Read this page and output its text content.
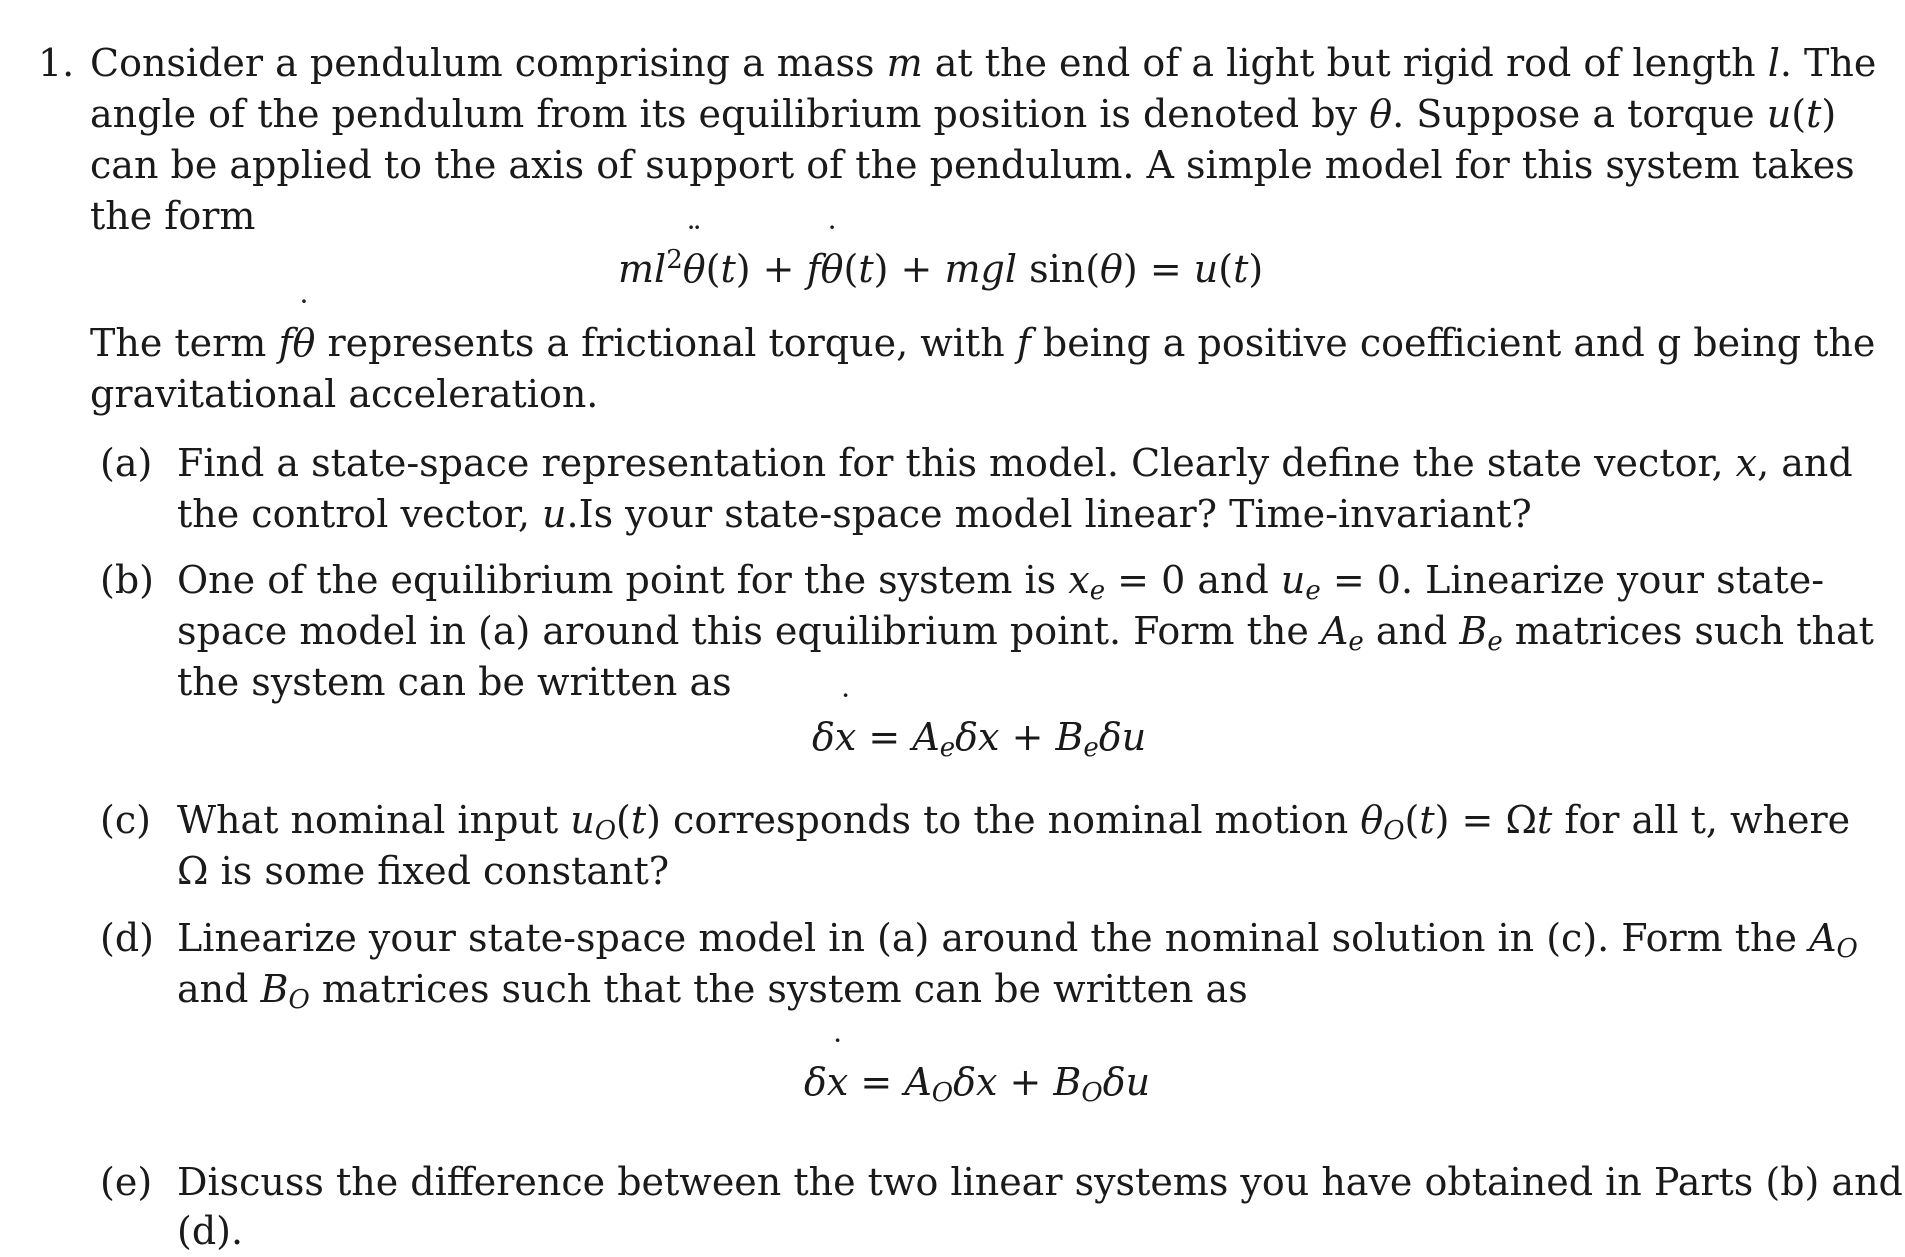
1. Consider a pendulum comprising a mass m at the end of a light but rigid rod of length l. The
angle of the pendulum from its equilibrium position is denoted by θ. Suppose a torque u(t)
can be applied to the axis of support of the pendulum. A simple model for this system takes
the form
$ml^2\theta$
¨
(t) + fθ
˙
(t) + mgl sin(θ) = u(t)
The term fθ
˙
represents a frictional torque, with f being a positive coefficient and g being the
gravitational acceleration.
(a) Find a state-space representation for this model. Clearly define the state vector, x, and
the control vector, u.Is your state-space model linear? Time-invariant?
(b) One of the equilibrium point for the system is $x_e = 0$ and $u_e = 0$. Linearize your state-
space model in (a) around this equilibrium point. Form the $A_e$ and $B_e$ matrices such that
the system can be written as
δx
˙
= $A_e\delta x + B_e\delta u$
(c) What nominal input $u_O(t)$ corresponds to the nominal motion $\theta_O(t) = \Omega t$ for all t, where
Ω is some fixed constant?
(d) Linearize your state-space model in (a) around the nominal solution in (c). Form the $A_O$
and $B_O$ matrices such that the system can be written as
δx
˙
= $A_O\delta x + B_O\delta u$
(e) Discuss the difference between the two linear systems you have obtained in Parts (b) and
(d).
